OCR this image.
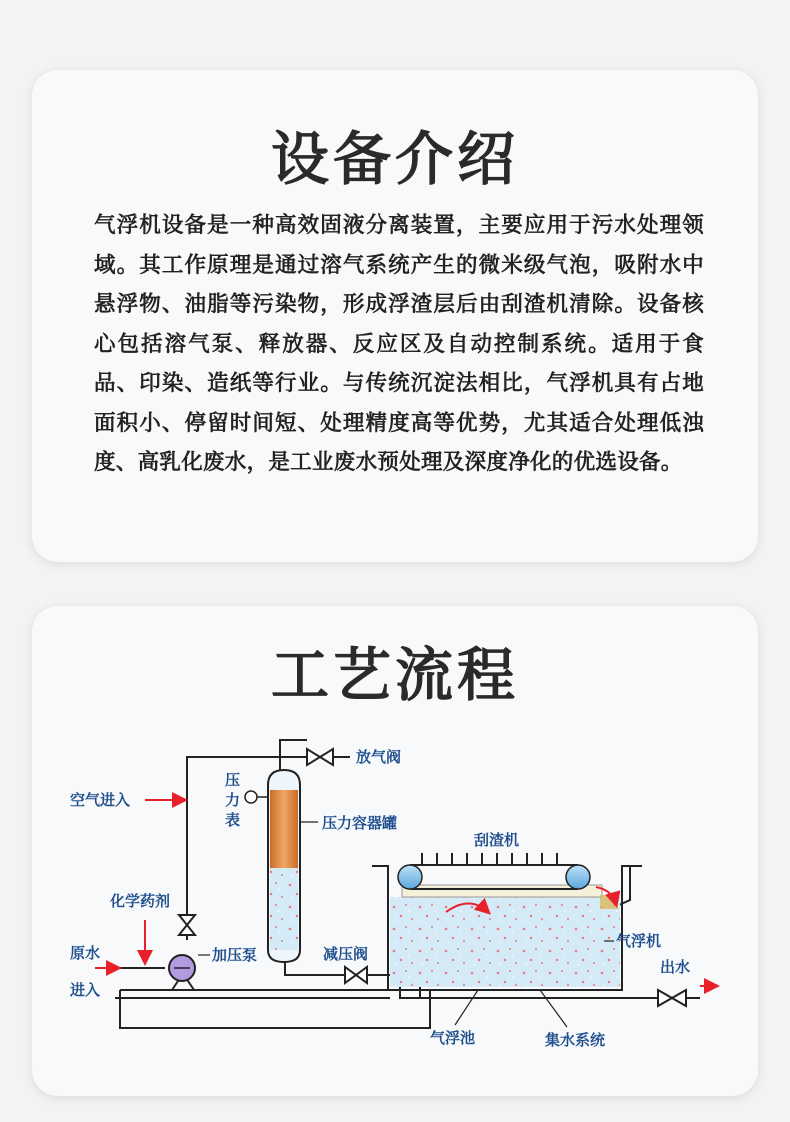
设备介绍
气浮机设备是一种高效固液分离装置，主要应用于污水处理领域。其工作原理是通过溶气系统产生的微米级气泡，吸附水中悬浮物、油脂等污染物，形成浮渣层后由刮渣机清除。设备核心包括溶气泵、释放器、反应区及自动控制系统。适用于食品、印染、造纸等行业。与传统沉淀法相比，气浮机具有占地面积小、停留时间短、处理精度高等优势，尤其适合处理低浊度、高乳化废水，是工业废水预处理及深度净化的优选设备。
工艺流程
放气阀
压
力
表	压力容器罐
空气进入
化学药剂
原水
进入
加压泵	减压阀
刮渣机
气浮机
出水
气浮池	集水系统
